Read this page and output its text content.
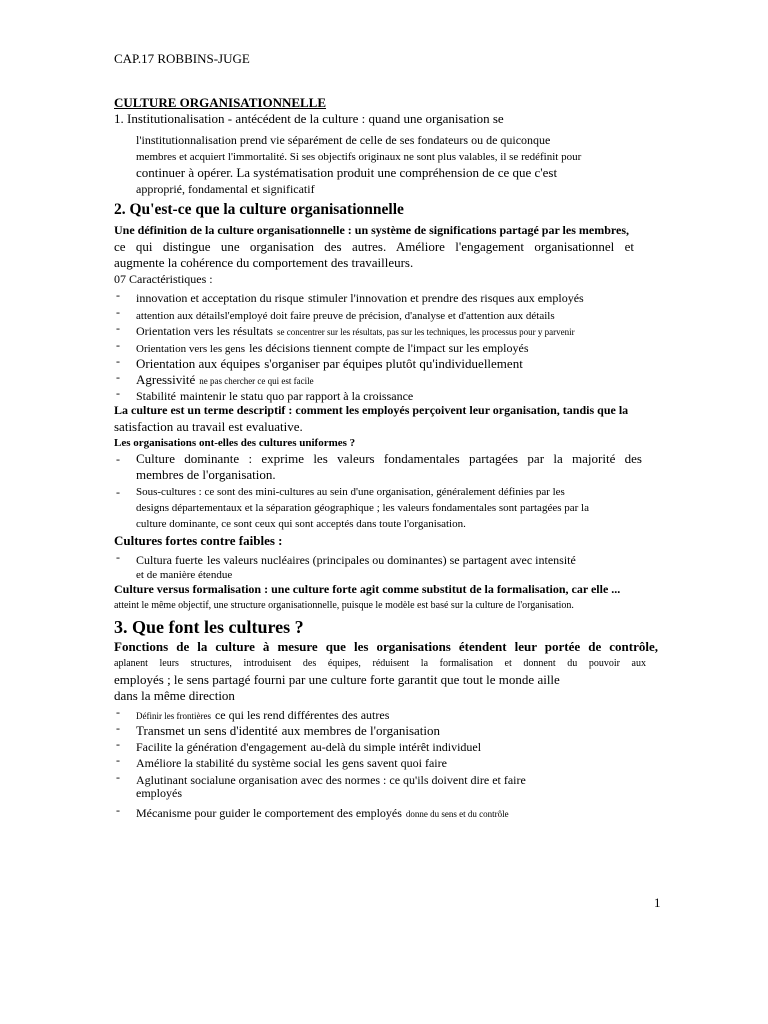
CAP.17 ROBBINS-JUGE
CULTURE ORGANISATIONNELLE
1. Institutionalisation - antécédent de la culture : quand une organisation se
l'institutionnalisation prend vie séparément de celle de ses fondateurs ou de quiconque
membres et acquiert l'immortalité. Si ses objectifs originaux ne sont plus valables, il se redéfinit pour
continuer à opérer. La systématisation produit une compréhension de ce que c'est
approprié, fondamental et significatif
2. Qu'est-ce que la culture organisationnelle
Une définition de la culture organisationnelle : un système de significations partagé par les membres,
ce qui distingue une organisation des autres. Améliore l'engagement organisationnel et
augmente la cohérence du comportement des travailleurs.
07 Caractéristiques :
- innovation et acceptation du risque stimuler l'innovation et prendre des risques aux employés
- attention aux détailsl'employé doit faire preuve de précision, d'analyse et d'attention aux détails
- Orientation vers les résultats se concentrer sur les résultats, pas sur les techniques, les processus pour y parvenir
- Orientation vers les gens les décisions tiennent compte de l'impact sur les employés
- Orientation aux équipes s'organiser par équipes plutôt qu'individuellement
- Agressivité ne pas chercher ce qui est facile
- Stabilité maintenir le statu quo par rapport à la croissance
La culture est un terme descriptif : comment les employés perçoivent leur organisation, tandis que la
satisfaction au travail est evaluative.
Les organisations ont-elles des cultures uniformes ?
- Culture dominante : exprime les valeurs fondamentales partagées par la majorité des
membres de l'organisation.
- Sous-cultures : ce sont des mini-cultures au sein d'une organisation, généralement définies par les
designs départementaux et la séparation géographique ; les valeurs fondamentales sont partagées par la
culture dominante, ce sont ceux qui sont acceptés dans toute l'organisation.
Cultures fortes contre faibles :
- Cultura fuerte les valeurs nucléaires (principales ou dominantes) se partagent avec intensité
et de manière étendue
Culture versus formalisation : une culture forte agit comme substitut de la formalisation, car elle ...
atteint le même objectif, une structure organisationnelle, puisque le modèle est basé sur la culture de l'organisation.
3. Que font les cultures ?
Fonctions de la culture à mesure que les organisations étendent leur portée de contrôle,
aplanent leurs structures, introduisent des équipes, réduisent la formalisation et donnent du pouvoir aux
employés ; le sens partagé fourni par une culture forte garantit que tout le monde aille
dans la même direction
- Définir les frontières ce qui les rend différentes des autres
- Transmet un sens d'identité aux membres de l'organisation
- Facilite la génération d'engagement au-delà du simple intérêt individuel
- Améliore la stabilité du système social les gens savent quoi faire
- Aglutinant socialune organisation avec des normes : ce qu'ils doivent dire et faire
employés
- Mécanisme pour guider le comportement des employés donne du sens et du contrôle
1
